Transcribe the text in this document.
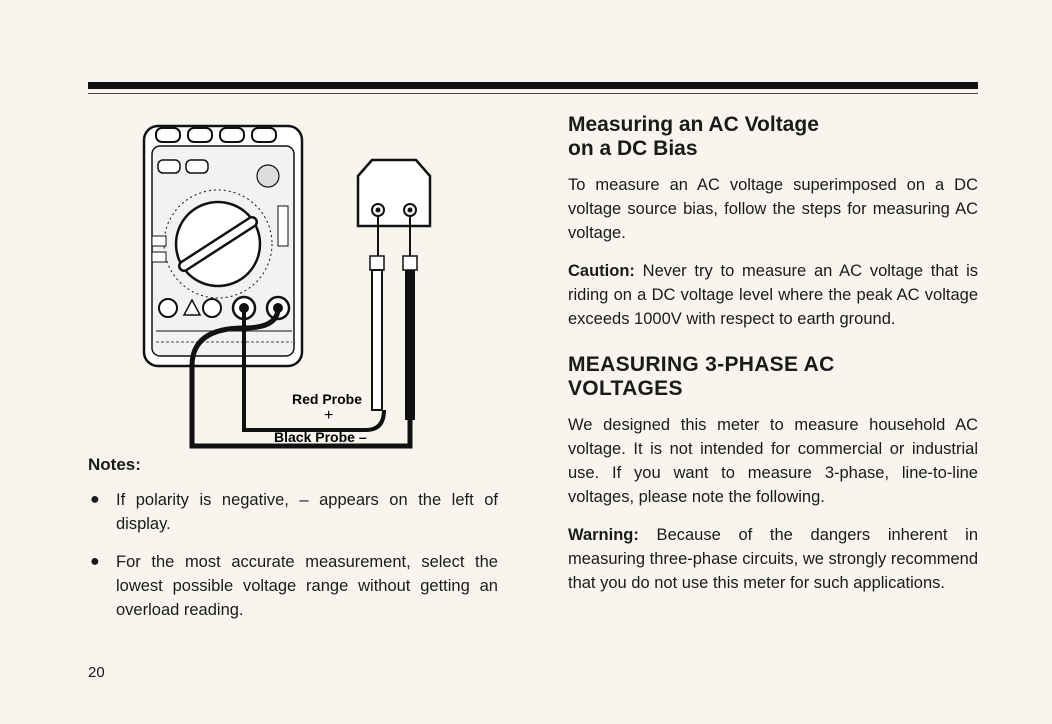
Red Probe
+
Black Probe –
Notes:
● If polarity is negative, – appears on the left of display.
● For the most accurate measurement, select the lowest possible voltage range without getting an overload reading.
Measuring an AC Voltage
on a DC Bias

To measure an AC voltage superimposed on a DC voltage source bias, follow the steps for measuring AC voltage.

Caution: Never try to measure an AC voltage that is riding on a DC voltage level where the peak AC voltage exceeds 1000V with respect to earth ground.

MEASURING 3-PHASE AC
VOLTAGES

We designed this meter to measure household AC voltage. It is not intended for commercial or industrial use. If you want to measure 3-phase, line-to-line voltages, please note the following.

Warning: Because of the dangers inherent in measuring three-phase circuits, we strongly recommend that you do not use this meter for such applications.

20
